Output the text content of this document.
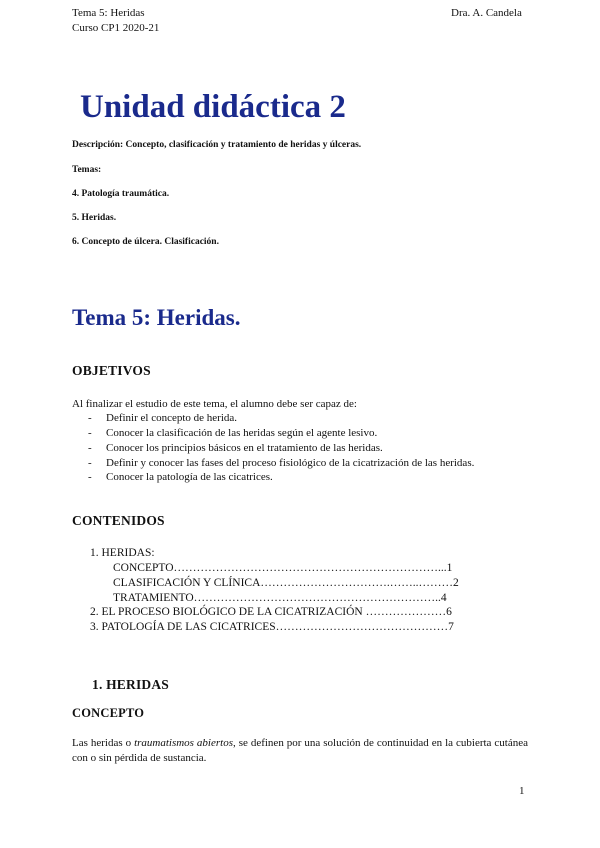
Tema 5: Heridas
Curso CP1 2020-21
Dra. A. Candela
Unidad didáctica 2
Descripción: Concepto, clasificación y tratamiento de heridas y úlceras.
Temas:
4. Patología traumática.
5. Heridas.
6. Concepto de úlcera. Clasificación.
Tema 5: Heridas.
OBJETIVOS
Al finalizar el estudio de este tema, el alumno debe ser capaz de:
- Definir el concepto de herida.
- Conocer la clasificación de las heridas según el agente lesivo.
- Conocer los principios básicos en el tratamiento de las heridas.
- Definir y conocer las fases del proceso fisiológico de la cicatrización de las heridas.
- Conocer la patología de las cicatrices.
CONTENIDOS
1. HERIDAS:
CONCEPTO……………………………………………………………...1
CLASIFICACIÓN Y CLÍNICA…………………………….……..………2
TRATAMIENTO………………………………………………………..4
2. EL PROCESO BIOLÓGICO DE LA CICATRIZACIÓN …………………6
3. PATOLOGÍA DE LAS CICATRICES………………………………………7
1. HERIDAS
CONCEPTO
Las heridas o traumatismos abiertos, se definen por una solución de continuidad en la cubierta cutánea con o sin pérdida de sustancia.
1
